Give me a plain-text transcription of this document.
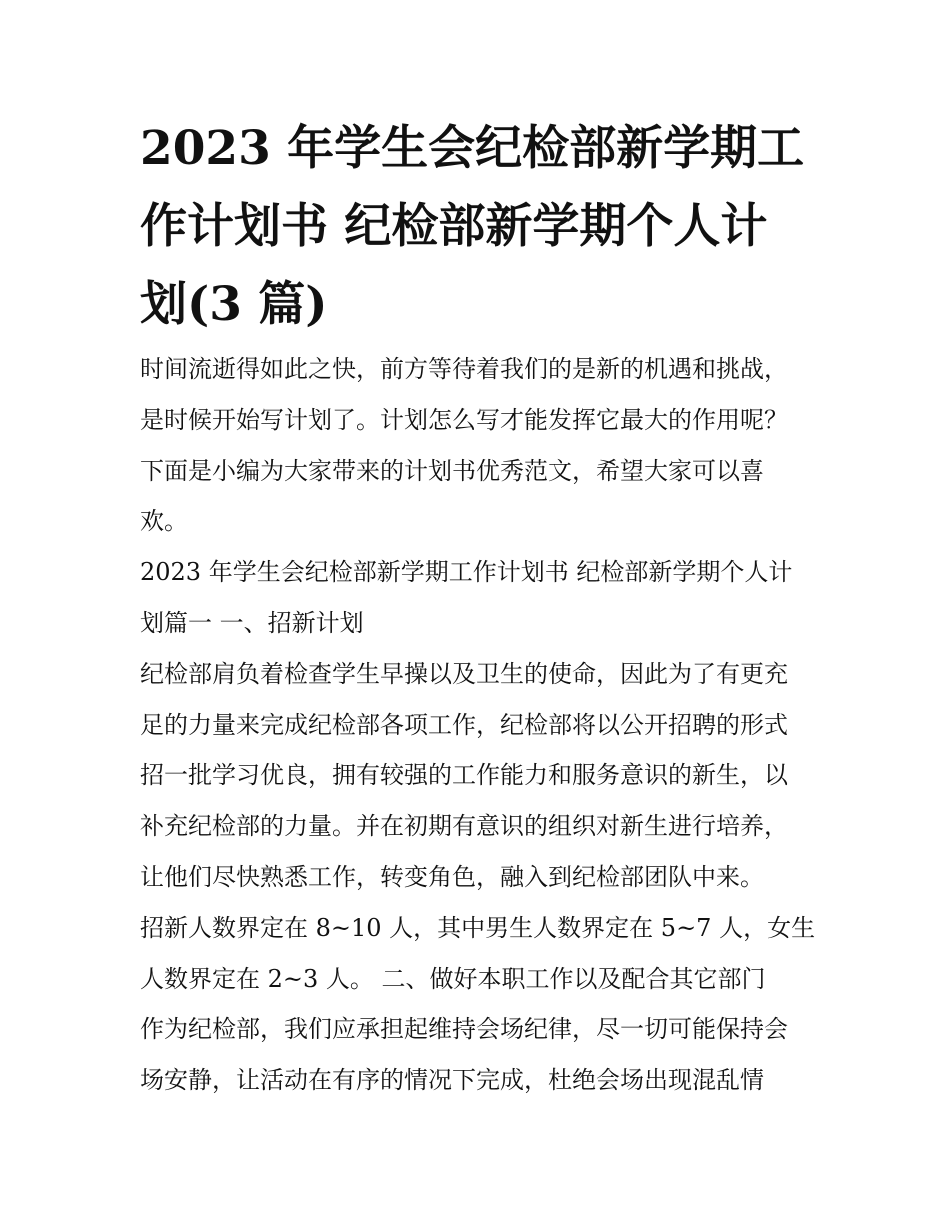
2023 年学生会纪检部新学期工
作计划书 纪检部新学期个人计
划(3 篇)

时间流逝得如此之快，前方等待着我们的是新的机遇和挑战，
是时候开始写计划了。计划怎么写才能发挥它最大的作用呢？
下面是小编为大家带来的计划书优秀范文，希望大家可以喜
欢。

2023 年学生会纪检部新学期工作计划书 纪检部新学期个人计
划篇一 一、招新计划

纪检部肩负着检查学生早操以及卫生的使命，因此为了有更充
足的力量来完成纪检部各项工作，纪检部将以公开招聘的形式
招一批学习优良，拥有较强的工作能力和服务意识的新生，以
补充纪检部的力量。并在初期有意识的组织对新生进行培养，
让他们尽快熟悉工作，转变角色，融入到纪检部团队中来。

招新人数界定在 8~10 人，其中男生人数界定在 5~7 人，女生
人数界定在 2~3 人。 二、做好本职工作以及配合其它部门

作为纪检部，我们应承担起维持会场纪律，尽一切可能保持会
场安静，让活动在有序的情况下完成，杜绝会场出现混乱情
